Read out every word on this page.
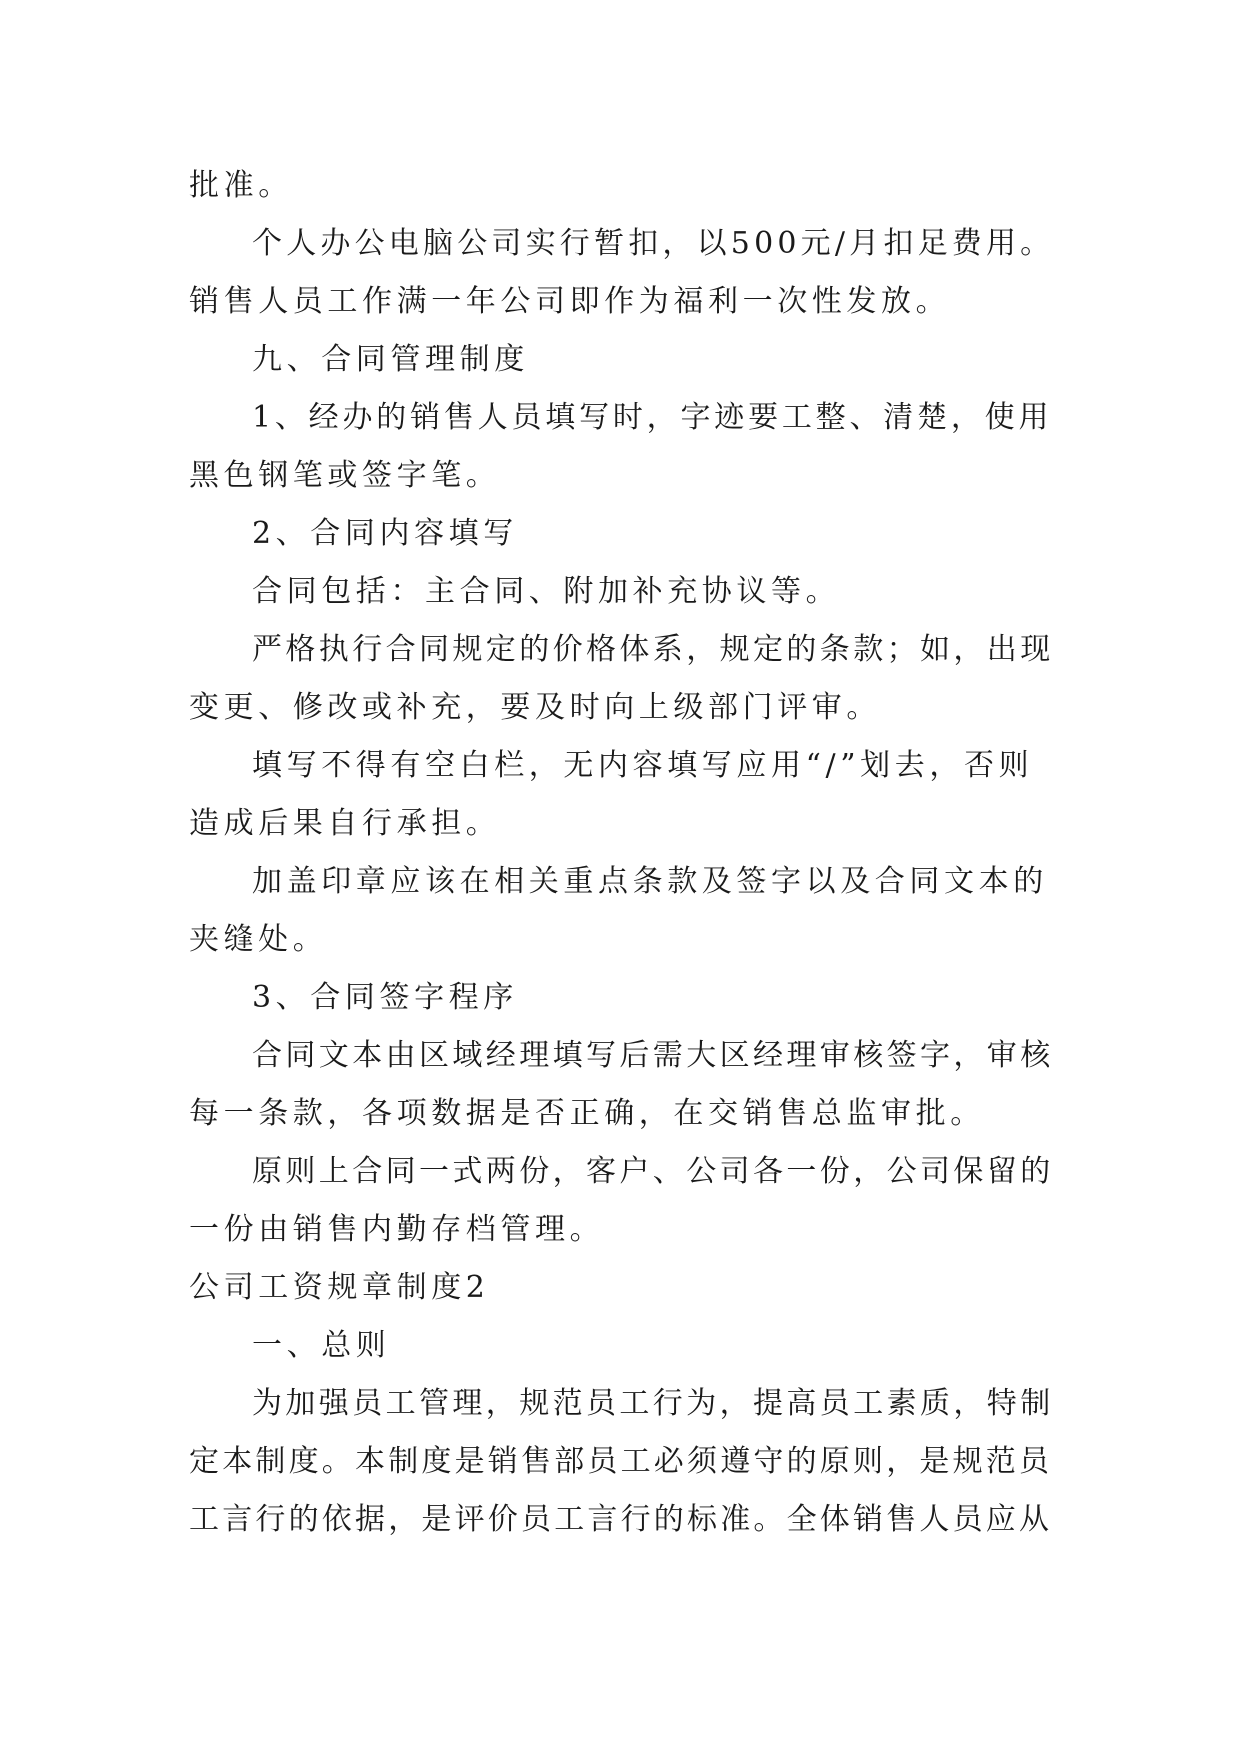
批准。
个人办公电脑公司实行暂扣，以500元/月扣足费用。
销售人员工作满一年公司即作为福利一次性发放。
九、合同管理制度
1、经办的销售人员填写时，字迹要工整、清楚，使用
黑色钢笔或签字笔。
2、合同内容填写
合同包括：主合同、附加补充协议等。
严格执行合同规定的价格体系，规定的条款；如，出现
变更、修改或补充，要及时向上级部门评审。
填写不得有空白栏，无内容填写应用“/”划去，否则
造成后果自行承担。
加盖印章应该在相关重点条款及签字以及合同文本的
夹缝处。
3、合同签字程序
合同文本由区域经理填写后需大区经理审核签字，审核
每一条款，各项数据是否正确，在交销售总监审批。
原则上合同一式两份，客户、公司各一份，公司保留的
一份由销售内勤存档管理。
公司工资规章制度2
一、总则
为加强员工管理，规范员工行为，提高员工素质，特制
定本制度。本制度是销售部员工必须遵守的原则，是规范员
工言行的依据，是评价员工言行的标准。全体销售人员应从
